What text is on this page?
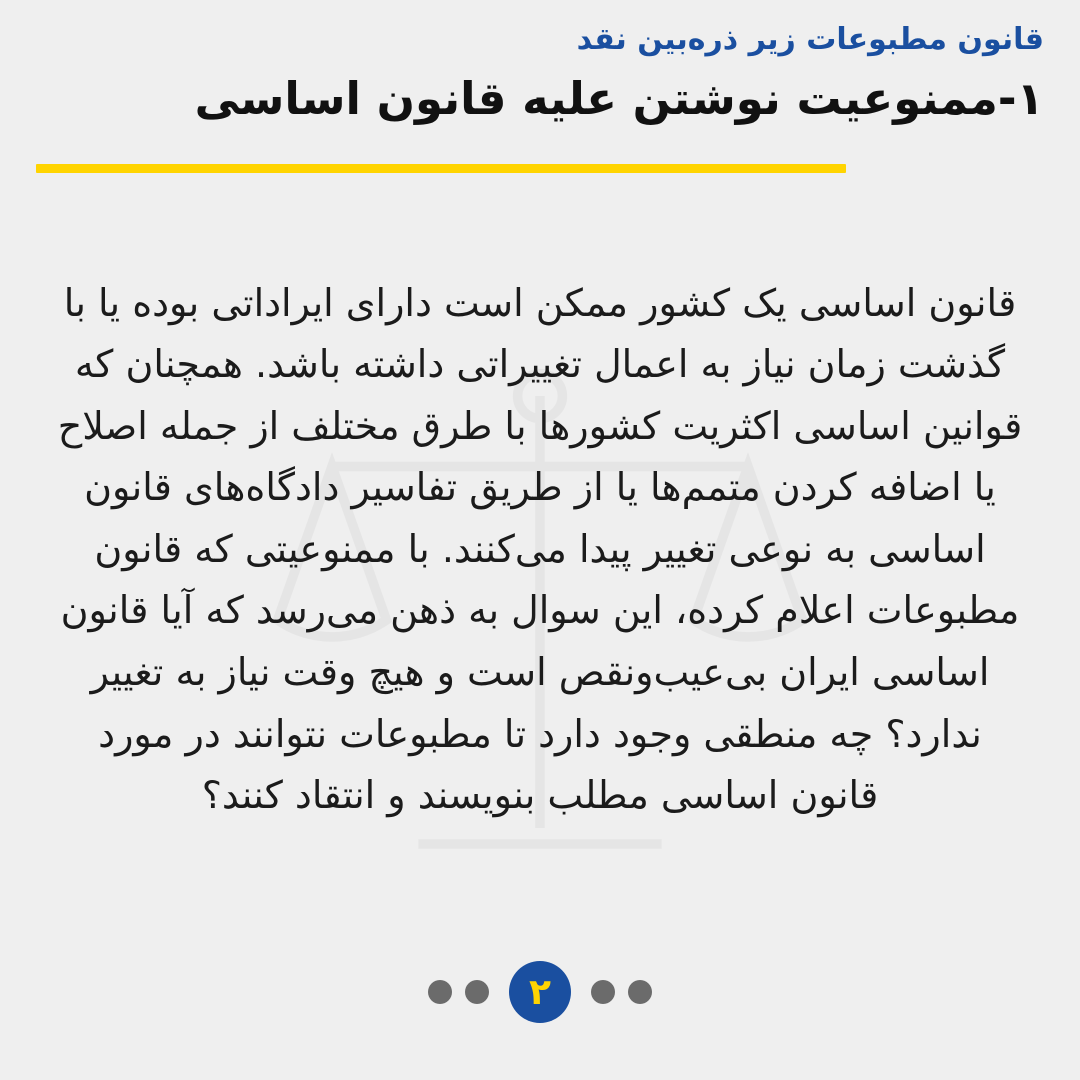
قانون مطبوعات زیر ذره‌بین نقد
۱-ممنوعیت نوشتن علیه قانون اساسی

قانون اساسی یک کشور ممکن است دارای ایراداتی بوده یا با گذشت زمان نیاز به اعمال تغییراتی داشته باشد. همچنان که قوانین اساسی اکثریت کشورها با طرق مختلف از جمله اصلاح یا اضافه کردن متمم‌ها یا از طریق تفاسیر دادگاه‌های قانون اساسی به نوعی تغییر پیدا می‌کنند. با ممنوعیتی که قانون مطبوعات اعلام کرده، این سوال به ذهن می‌رسد که آیا قانون اساسی ایران بی‌عیب‌ونقص است و هیچ وقت نیاز به تغییر ندارد؟ چه منطقی وجود دارد تا مطبوعات نتوانند در مورد قانون اساسی مطلب بنویسند و انتقاد کنند؟

۲
